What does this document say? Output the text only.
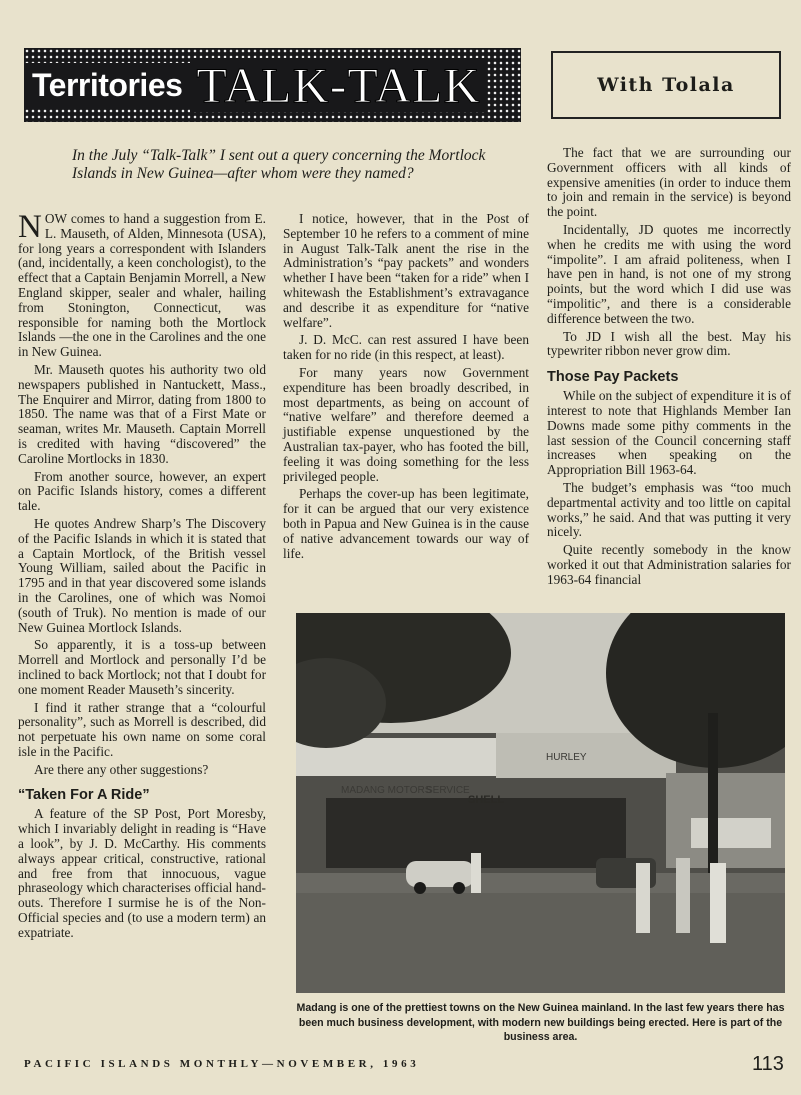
Territories TALK-TALK	With Tolala
In the July “Talk-Talk” I sent out a query concerning the Mortlock Islands in New Guinea—after whom were they named?

NOW comes to hand a suggestion from E. L. Mauseth, of Alden, Minnesota (USA), for long years a correspondent with Islanders (and, incidentally, a keen conchologist), to the effect that a Captain Benjamin Morrell, a New England skipper, sealer and whaler, hailing from Stonington, Connecticut, was responsible for naming both the Mortlock Islands —the one in the Carolines and the one in New Guinea.

Mr. Mauseth quotes his authority two old newspapers published in Nantuckett, Mass., The Enquirer and Mirror, dating from 1800 to 1850. The name was that of a First Mate or seaman, writes Mr. Mauseth. Captain Morrell is credited with having “discovered” the Caroline Mortlocks in 1830.

From another source, however, an expert on Pacific Islands history, comes a different tale.

He quotes Andrew Sharp’s The Discovery of the Pacific Islands in which it is stated that a Captain Mortlock, of the British vessel Young William, sailed about the Pacific in 1795 and in that year discovered some islands in the Carolines, one of which was Nomoi (south of Truk). No mention is made of our New Guinea Mortlock Islands.

So apparently, it is a toss-up between Morrell and Mortlock and personally I’d be inclined to back Mortlock; not that I doubt for one moment Reader Mauseth’s sincerity.

I find it rather strange that a “colourful personality”, such as Morrell is described, did not perpetuate his own name on some coral isle in the Pacific.

Are there any other suggestions?

“Taken For A Ride”

A feature of the SP Post, Port Moresby, which I invariably delight in reading is “Have a look”, by J. D. McCarthy. His comments always appear critical, constructive, rational and free from that innocuous, vague phraseology which characterises official hand-outs. Therefore I surmise he is of the Non-Official species and (to use a modern term) an expatriate.

I notice, however, that in the Post of September 10 he refers to a comment of mine in August Talk-Talk anent the rise in the Administration’s “pay packets” and wonders whether I have been “taken for a ride” when I whitewash the Establishment’s extravagance and describe it as expenditure for “native welfare”.

J. D. McC. can rest assured I have been taken for no ride (in this respect, at least).

For many years now Government expenditure has been broadly described, in most departments, as being on account of “native welfare” and therefore deemed a justifiable expense unquestioned by the Australian tax-payer, who has footed the bill, feeling it was doing something for the less privileged people.

Perhaps the cover-up has been legitimate, for it can be argued that our very existence both in Papua and New Guinea is in the cause of native advancement towards our way of life.

The fact that we are surrounding our Government officers with all kinds of expensive amenities (in order to induce them to join and remain in the service) is beyond the point.

Incidentally, JD quotes me incorrectly when he credits me with using the word “impolite”. I am afraid politeness, when I have pen in hand, is not one of my strong points, but the word which I did use was “impolitic”, and there is a considerable difference between the two.

To JD I wish all the best. May his typewriter ribbon never grow dim.

Those Pay Packets

While on the subject of expenditure it is of interest to note that Highlands Member Ian Downs made some pithy comments in the last session of the Council concerning staff increases when speaking on the Appropriation Bill 1963-64.

The budget’s emphasis was “too much departmental activity and too little on capital works,” he said. And that was putting it very nicely.

Quite recently somebody in the know worked it out that Administration salaries for 1963-64 financial

MADANG MOTORS
SERVICE
SHELL
HURLEY
Madang is one of the prettiest towns on the New Guinea mainland. In the last few years there has been much business development, with modern new buildings being erected. Here is part of the business area.
PACIFIC ISLANDS MONTHLY—NOVEMBER, 1963	113
